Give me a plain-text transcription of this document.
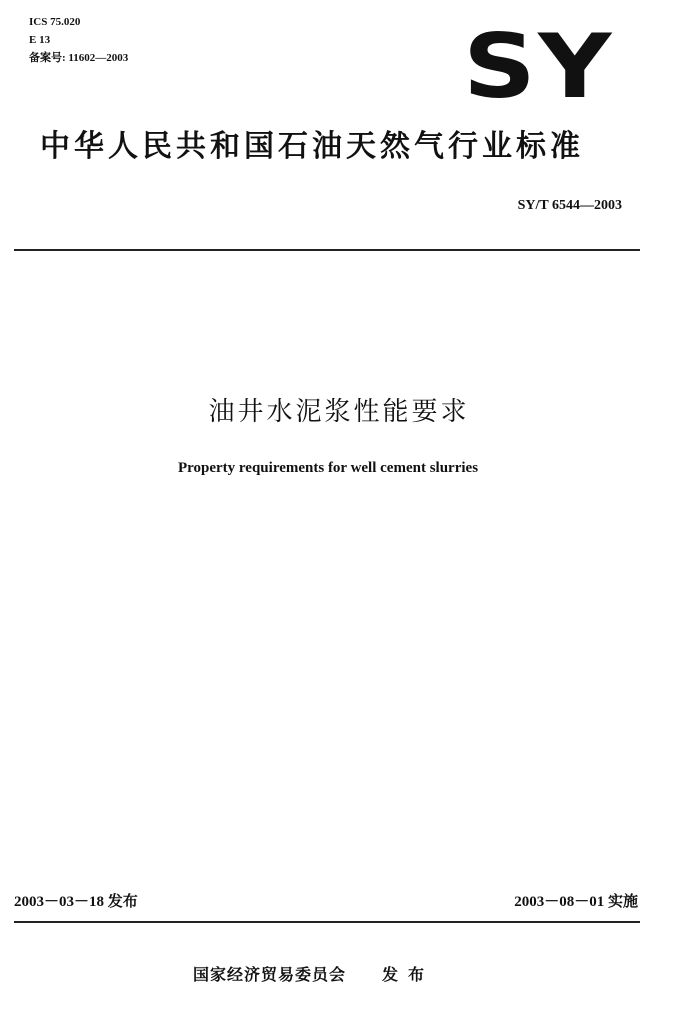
ICS 75.020
E 13
备案号: 11602—2003	SY
中华人民共和国石油天然气行业标准
SY/T 6544—2003
油井水泥浆性能要求
Property requirements for well cement slurries
2003－03－18 发布	2003－08－01 实施
国家经济贸易委员会 发布
